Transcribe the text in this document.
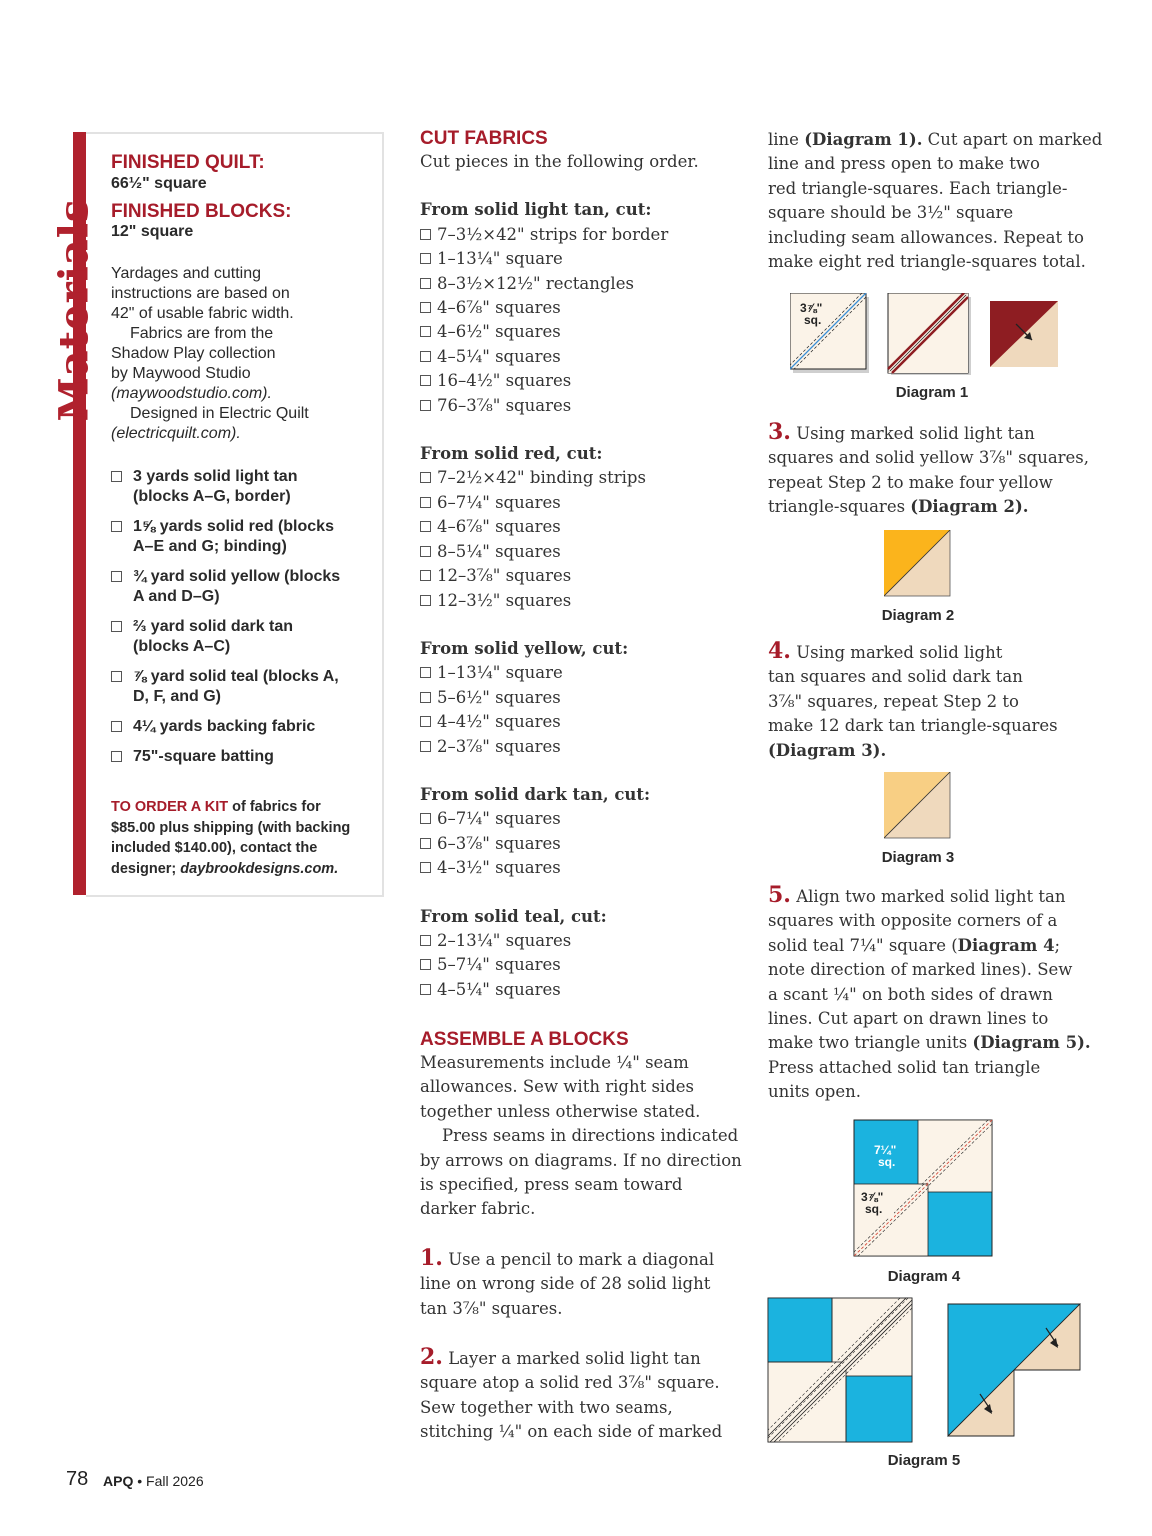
Materials
FINISHED QUILT:
66½" square
FINISHED BLOCKS:
12" square
Yardages and cutting
instructions are based on
42" of usable fabric width.
Fabrics are from the
Shadow Play collection
by Maywood Studio
(maywoodstudio.com).
Designed in Electric Quilt
(electricquilt.com).
3 yards solid light tan
(blocks A–G, border)
1⅝ yards solid red (blocks
A–E and G; binding)
¾ yard solid yellow (blocks
A and D–G)
⅔ yard solid dark tan
(blocks A–C)
⅞ yard solid teal (blocks A,
D, F, and G)
4¼ yards backing fabric
75"-square batting
TO ORDER A KIT of fabrics for
$85.00 plus shipping (with backing
included $140.00), contact the
designer; daybrookdesigns.com.
CUT FABRICS
Cut pieces in the following order.
From solid light tan, cut:
7–3½×42" strips for border
1–13¼" square
8–3½×12½" rectangles
4–6⅞" squares
4–6½" squares
4–5¼" squares
16–4½" squares
76–3⅞" squares
From solid red, cut:
7–2½×42" binding strips
6–7¼" squares
4–6⅞" squares
8–5¼" squares
12–3⅞" squares
12–3½" squares
From solid yellow, cut:
1–13¼" square
5–6½" squares
4–4½" squares
2–3⅞" squares
From solid dark tan, cut:
6–7¼" squares
6–3⅞" squares
4–3½" squares
From solid teal, cut:
2–13¼" squares
5–7¼" squares
4–5¼" squares
ASSEMBLE A BLOCKS
Measurements include ¼" seam
allowances. Sew with right sides
together unless otherwise stated.
Press seams in directions indicated
by arrows on diagrams. If no direction
is specified, press seam toward
darker fabric.
1. Use a pencil to mark a diagonal
line on wrong side of 28 solid light
tan 3⅞" squares.
2. Layer a marked solid light tan
square atop a solid red 3⅞" square.
Sew together with two seams,
stitching ¼" on each side of marked
line (Diagram 1). Cut apart on marked
line and press open to make two
red triangle-squares. Each triangle-
square should be 3½" square
including seam allowances. Repeat to
make eight red triangle-squares total.
3⅞"
sq.
Diagram 1
3. Using marked solid light tan
squares and solid yellow 3⅞" squares,
repeat Step 2 to make four yellow
triangle-squares (Diagram 2).
Diagram 2
4. Using marked solid light
tan squares and solid dark tan
3⅞" squares, repeat Step 2 to
make 12 dark tan triangle-squares
(Diagram 3).
Diagram 3
5. Align two marked solid light tan
squares with opposite corners of a
solid teal 7¼" square (Diagram 4;
note direction of marked lines). Sew
a scant ¼" on both sides of drawn
lines. Cut apart on drawn lines to
make two triangle units (Diagram 5).
Press attached solid tan triangle
units open.
7¼"
sq.
3⅞"
sq.
Diagram 4
Diagram 5
78 APQ • Fall 2026
